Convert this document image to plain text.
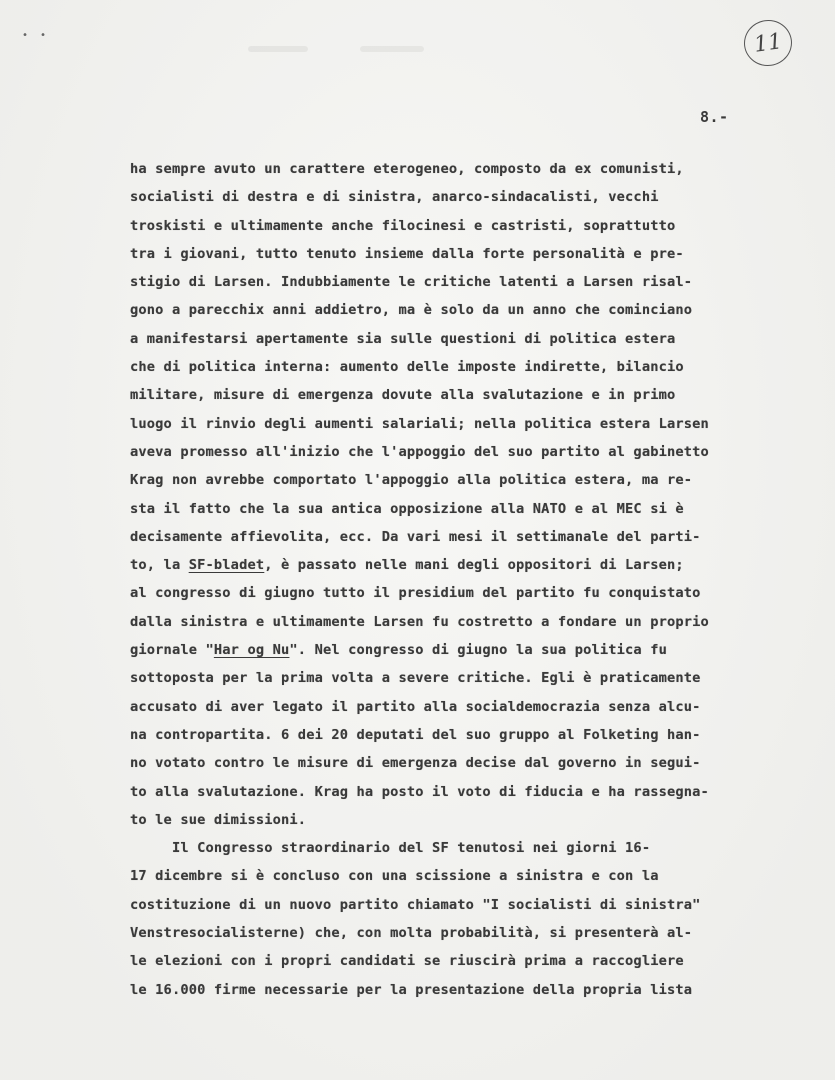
•  •	11
8.-
ha sempre avuto un carattere eterogeneo, composto da ex comunisti,
socialisti di destra e di sinistra, anarco-sindacalisti, vecchi
troskisti e ultimamente anche filocinesi e castristi, soprattutto
tra i giovani, tutto tenuto insieme dalla forte personalità e pre-
stigio di Larsen. Indubbiamente le critiche latenti a Larsen risal-
gono a parecchix anni addietro, ma è solo da un anno che cominciano
a manifestarsi apertamente sia sulle questioni di politica estera
che di politica interna: aumento delle imposte indirette, bilancio
militare, misure di emergenza dovute alla svalutazione e in primo
luogo il rinvio degli aumenti salariali; nella politica estera Larsen
aveva promesso all'inizio che l'appoggio del suo partito al gabinetto
Krag non avrebbe comportato l'appoggio alla politica estera, ma re-
sta il fatto che la sua antica opposizione alla NATO e al MEC si è
decisamente affievolita, ecc. Da vari mesi il settimanale del parti-
to, la SF-bladet, è passato nelle mani degli oppositori di Larsen;
al congresso di giugno tutto il presidium del partito fu conquistato
dalla sinistra e ultimamente Larsen fu costretto a fondare un proprio
giornale "Har og Nu". Nel congresso di giugno la sua politica fu
sottoposta per la prima volta a severe critiche. Egli è praticamente
accusato di aver legato il partito alla socialdemocrazia senza alcu-
na contropartita. 6 dei 20 deputati del suo gruppo al Folketing han-
no votato contro le misure di emergenza decise dal governo in segui-
to alla svalutazione. Krag ha posto il voto di fiducia e ha rassegna-
to le sue dimissioni.
Il Congresso straordinario del SF tenutosi nei giorni 16-
17 dicembre si è concluso con una scissione a sinistra e con la
costituzione di un nuovo partito chiamato "I socialisti di sinistra"
Venstresocialisterne) che, con molta probabilità, si presenterà al-
le elezioni con i propri candidati se riuscirà prima a raccogliere
le 16.000 firme necessarie per la presentazione della propria lista
